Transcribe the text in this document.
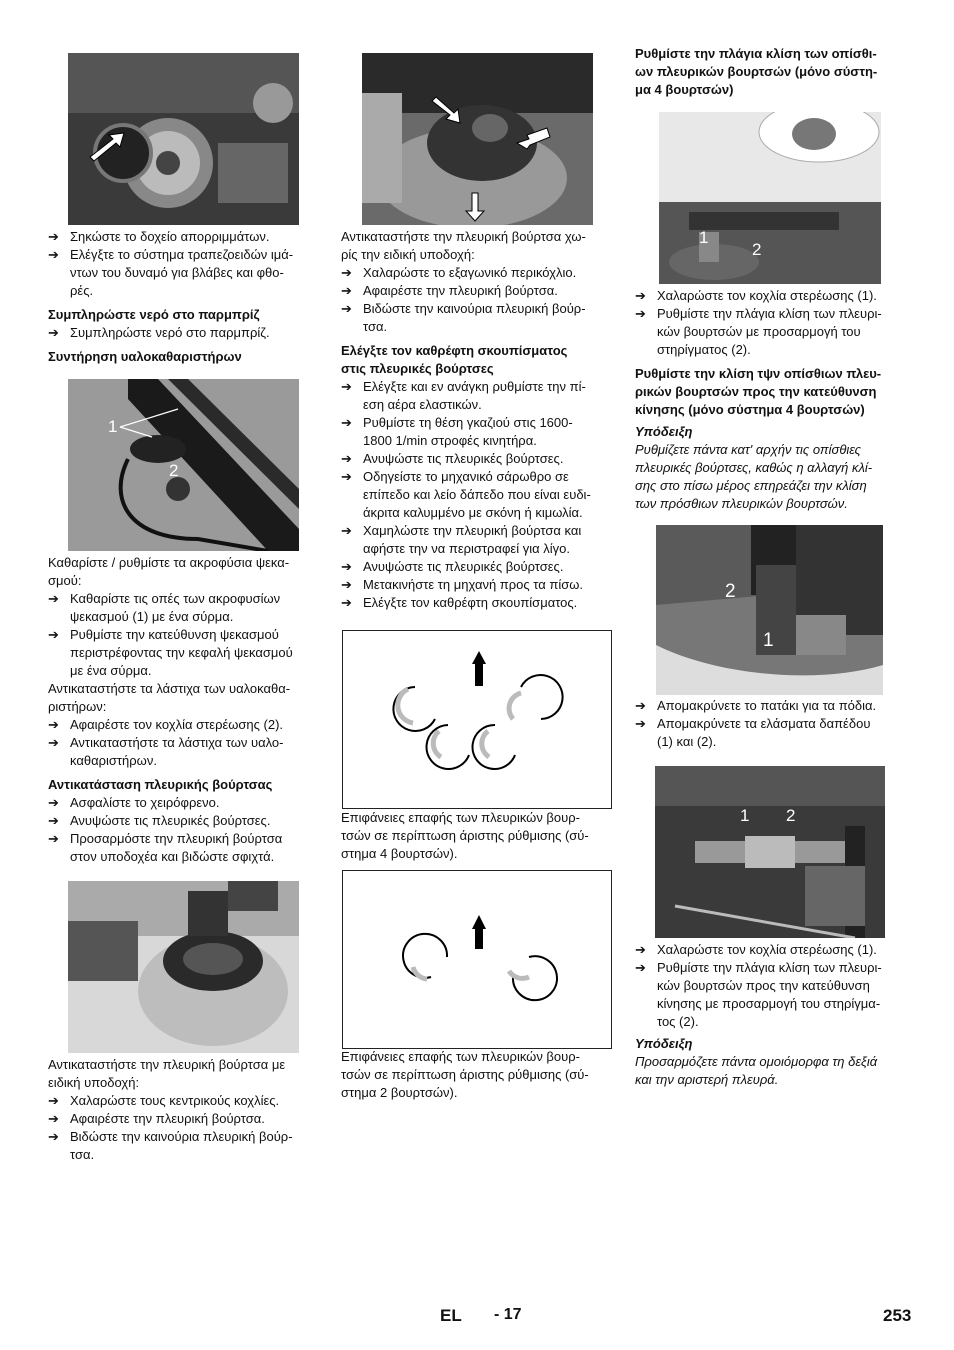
➔ Σηκώστε το δοχείο απορριμμάτων.

➔ Ελέγξτε το σύστημα τραπεζοειδών ιμά-

ντων του δυναμό για βλάβες και φθο-

ρές.

Συμπληρώστε νερό στο παρμπρίζ

➔ Συμπληρώστε νερό στο παρμπρίζ.

Συντήρηση υαλοκαθαριστήρων

1
2

Καθαρίστε / ρυθμίστε τα ακροφύσια ψεκα-

σμού:

➔ Καθαρίστε τις οπές των ακροφυσίων

ψεκασμού (1) με ένα σύρμα.

➔ Ρυθμίστε την κατεύθυνση ψεκασμού

περιστρέφοντας την κεφαλή ψεκασμού

με ένα σύρμα.

Αντικαταστήστε τα λάστιχα των υαλοκαθα-

ριστήρων:

➔ Αφαιρέστε τον κοχλία στερέωσης (2).

➔ Αντικαταστήστε τα λάστιχα των υαλο-

καθαριστήρων.

Αντικατάσταση πλευρικής βούρτσας

➔ Ασφαλίστε το χειρόφρενο.

➔ Ανυψώστε τις πλευρικές βούρτσες.

➔ Προσαρμόστε την πλευρική βούρτσα

στον υποδοχέα και βιδώστε σφιχτά.

Αντικαταστήστε την πλευρική βούρτσα με

ειδική υποδοχή:

➔ Χαλαρώστε τους κεντρικούς κοχλίες.

➔ Αφαιρέστε την πλευρική βούρτσα.

➔ Βιδώστε την καινούρια πλευρική βούρ-

τσα.

Αντικαταστήστε την πλευρική βούρτσα χω-

ρίς την ειδική υποδοχή:

➔ Χαλαρώστε το εξαγωνικό περικόχλιο.

➔ Αφαιρέστε την πλευρική βούρτσα.

➔ Βιδώστε την καινούρια πλευρική βούρ-

τσα.

Ελέγξτε τον καθρέφτη σκουπίσματος

στις πλευρικές βούρτσες

➔ Ελέγξτε και εν ανάγκη ρυθμίστε την πί-

εση αέρα ελαστικών.

➔ Ρυθμίστε τη θέση γκαζιού στις 1600-

1800 1/min στροφές κινητήρα.

➔ Ανυψώστε τις πλευρικές βούρτσες.

➔ Οδηγείστε το μηχανικό σάρωθρο σε

επίπεδο και λείο δάπεδο που είναι ευδι-

άκριτα καλυμμένο με σκόνη ή κιμωλία.

➔ Χαμηλώστε την πλευρική βούρτσα και

αφήστε την να περιστραφεί για λίγο.

➔ Ανυψώστε τις πλευρικές βούρτσες.

➔ Μετακινήστε τη μηχανή προς τα πίσω.

➔ Ελέγξτε τον καθρέφτη σκουπίσματος.

Επιφάνειες επαφής των πλευρικών βουρ-

τσών σε περίπτωση άριστης ρύθμισης (σύ-

στημα 4 βουρτσών).

Επιφάνειες επαφής των πλευρικών βουρ-

τσών σε περίπτωση άριστης ρύθμισης (σύ-

στημα 2 βουρτσών).

Ρυθμίστε την πλάγια κλίση των οπίσθι-

ων πλευρικών βουρτσών (μόνο σύστη-

μα 4 βουρτσών)

1
2

➔ Χαλαρώστε τον κοχλία στερέωσης (1).

➔ Ρυθμίστε την πλάγια κλίση των πλευρι-

κών βουρτσών με προσαρμογή του

στηρίγματος (2).

Ρυθμίστε την κλίση τψν οπίσθιων πλευ-

ρικών βουρτσών προς την κατεύθυνση

κίνησης (μόνο σύστημα 4 βουρτσών)

Υπόδειξη

Ρυθμίζετε πάντα κατ' αρχήν τις οπίσθιες

πλευρικές βούρτσες, καθώς η αλλαγή κλί-

σης στο πίσω μέρος επηρεάζει την κλίση

των πρόσθιων πλευρικών βουρτσών.

2
1

➔ Απομακρύνετε το πατάκι για τα πόδια.

➔ Απομακρύνετε τα ελάσματα δαπέδου

(1) και (2).

1 2

➔ Χαλαρώστε τον κοχλία στερέωσης (1).

➔ Ρυθμίστε την πλάγια κλίση των πλευρι-

κών βουρτσών προς την κατεύθυνση

κίνησης με προσαρμογή του στηρίγμα-

τος (2).

Υπόδειξη

Προσαρμόζετε πάντα ομοιόμορφα τη δεξιά

και την αριστερή πλευρά.

EL - 17	253
